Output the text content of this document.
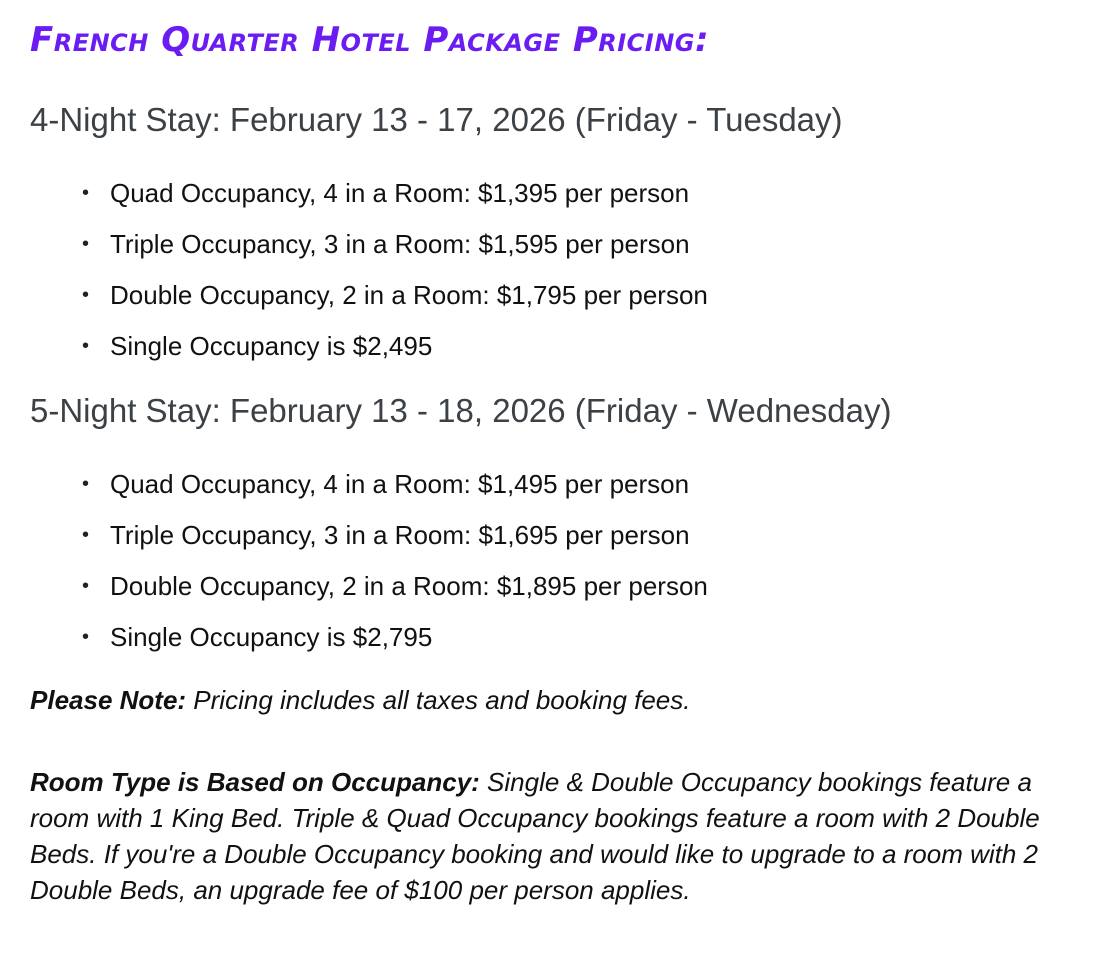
French Quarter Hotel Package Pricing:
4-Night Stay: February 13 - 17, 2026 (Friday - Tuesday)
• Quad Occupancy, 4 in a Room: $1,395 per person
• Triple Occupancy, 3 in a Room: $1,595 per person
• Double Occupancy, 2 in a Room: $1,795 per person
• Single Occupancy is $2,495
5-Night Stay: February 13 - 18, 2026 (Friday - Wednesday)
• Quad Occupancy, 4 in a Room: $1,495 per person
• Triple Occupancy, 3 in a Room: $1,695 per person
• Double Occupancy, 2 in a Room: $1,895 per person
• Single Occupancy is $2,795

Please Note: Pricing includes all taxes and booking fees.

Room Type is Based on Occupancy: Single & Double Occupancy bookings feature a room with 1 King Bed. Triple & Quad Occupancy bookings feature a room with 2 Double Beds. If you're a Double Occupancy booking and would like to upgrade to a room with 2 Double Beds, an upgrade fee of $100 per person applies.
